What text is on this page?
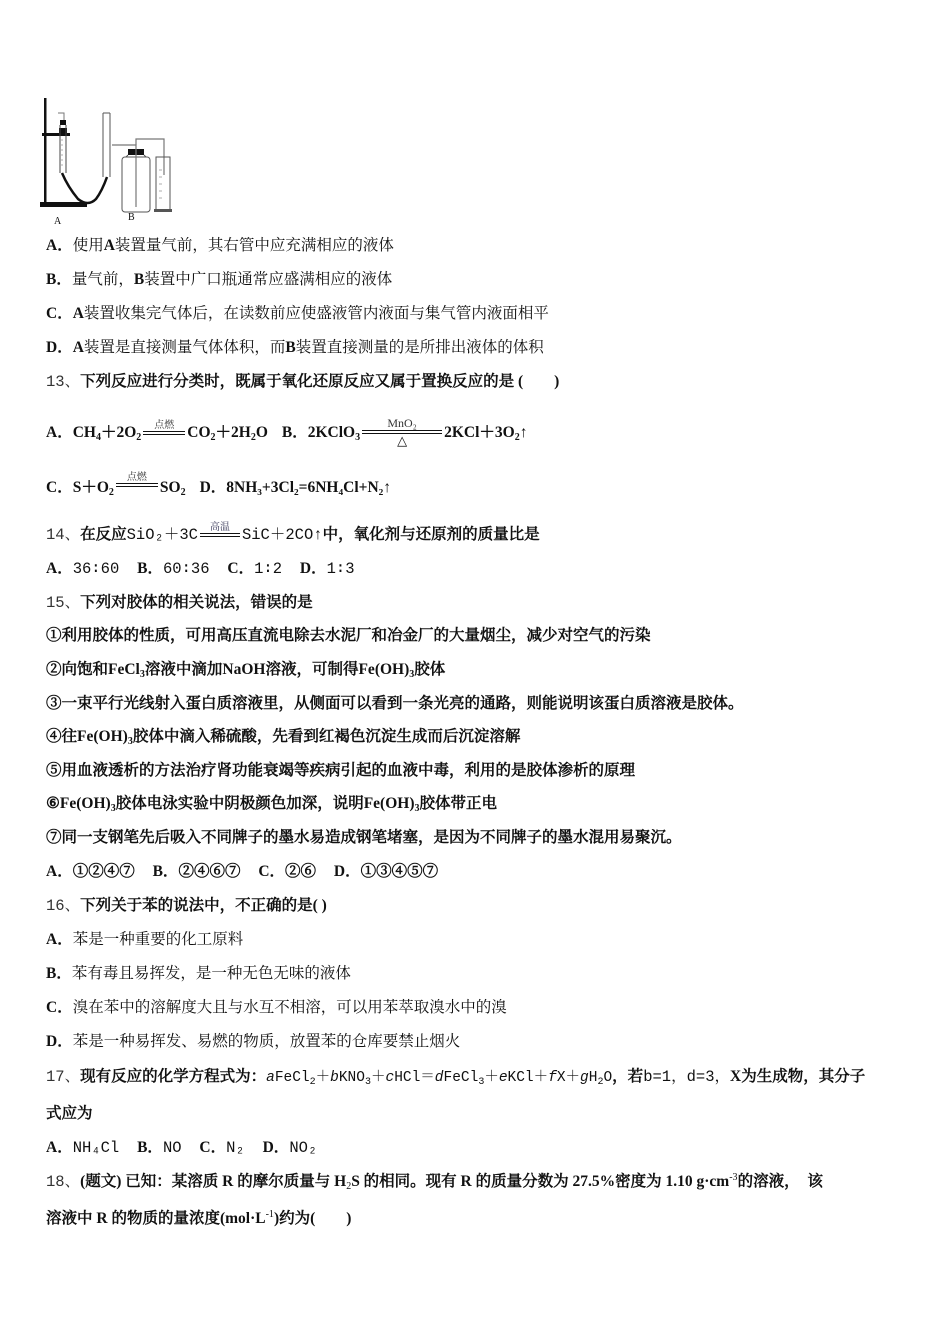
A	B
A．使用A装置量气前，其右管中应充满相应的液体
B．量气前，B装置中广口瓶通常应盛满相应的液体
C．A装置收集完气体后，在读数前应使盛液管内液面与集气管内液面相平
D．A装置是直接测量气体体积，而B装置直接测量的是所排出液体的体积
13、下列反应进行分类时，既属于氧化还原反应又属于置换反应的是 (　　)
A．$CH_4+2O_2$
点燃 $CO_2+2H_2O$ B．2KClO$_3$
MnO₂
△	$2KCl+3O_2↑$
C．$S+O_2$
点燃
$SO_2$ D．8NH₃+3Cl₂=6NH₄Cl+N₂↑
14、在反应SiO₂＋3C	高温 SiC＋2CO↑中，氧化剂与还原剂的质量比是
A．36∶60 B．60∶36 C．1∶2 D．1∶3
15、下列对胶体的相关说法，错误的是
①利用胶体的性质，可用高压直流电除去水泥厂和冶金厂的大量烟尘，减少对空气的污染
②向饱和FeCl$_3$溶液中滴加NaOH溶液，可制得$Fe(OH)_3$胶体
③一束平行光线射入蛋白质溶液里，从侧面可以看到一条光亮的通路，则能说明该蛋白质溶液是胶体。
④往$Fe(OH)_3$胶体中滴入稀硫酸，先看到红褐色沉淀生成而后沉淀溶解
⑤用血液透析的方法治疗肾功能衰竭等疾病引起的血液中毒，利用的是胶体渗析的原理
$⑥Fe(OH)_3$胶体电泳实验中阴极颜色加深，说明$Fe(OH)_3$胶体带正电
⑦同一支钢笔先后吸入不同牌子的墨水易造成钢笔堵塞，是因为不同牌子的墨水混用易聚沉。
A．①②④⑦ B．②④⑥⑦ C．②⑥ D．①③④⑤⑦
16、下列关于苯的说法中，不正确的是( )
A．苯是一种重要的化工原料
B．苯有毒且易挥发，是一种无色无味的液体
C．溴在苯中的溶解度大且与水互不相溶，可以用苯萃取溴水中的溴
D．苯是一种易挥发、易燃的物质，放置苯的仓库要禁止烟火
17、现有反应的化学方程式为：$aFeCl_2+bKNO_3+cHCl=dFeCl_3+eKCl+fX+gH_2O$，若b=1，d=3，X为生成物，其分子
式应为
A．NH₄Cl B．NO C．N₂ D．NO₂
18、(题文) 已知：某溶质 R 的摩尔质量与 $H_2S$ 的相同。现有 R 的质量分数为 27.5%密度为 1.10 $g\cdot cm^{-3}$的溶液，　该
溶液中 R 的物质的量浓度$(mol\cdot L^{-1})$约为(　　)
